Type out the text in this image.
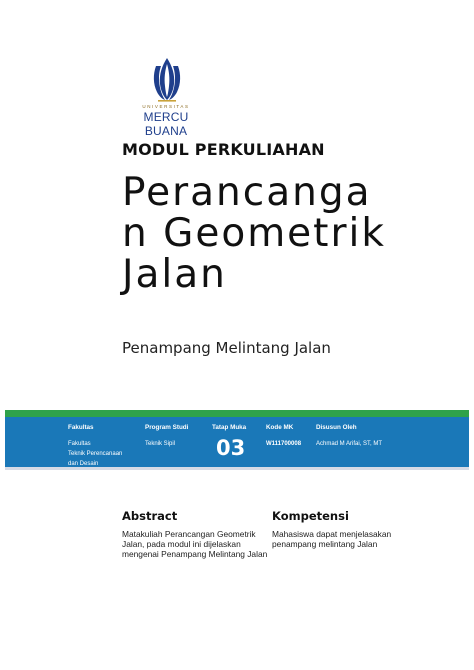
UNIVERSITAS
MERCU BUANA
MODUL PERKULIAHAN
Perancanga
n Geometrik
Jalan
Penampang Melintang Jalan
Fakultas
Fakultas
Teknik Perencanaan
dan Desain
Program Studi
Teknik Sipil
Tatap Muka
03
Kode MK
W111700008
Disusun Oleh
Achmad M Arifai, ST, MT
Abstract
Matakuliah Perancangan Geometrik
Jalan, pada modul ini dijelaskan
mengenai Penampang Melintang Jalan
Kompetensi
Mahasiswa dapat menjelasakan
penampang melintang Jalan
